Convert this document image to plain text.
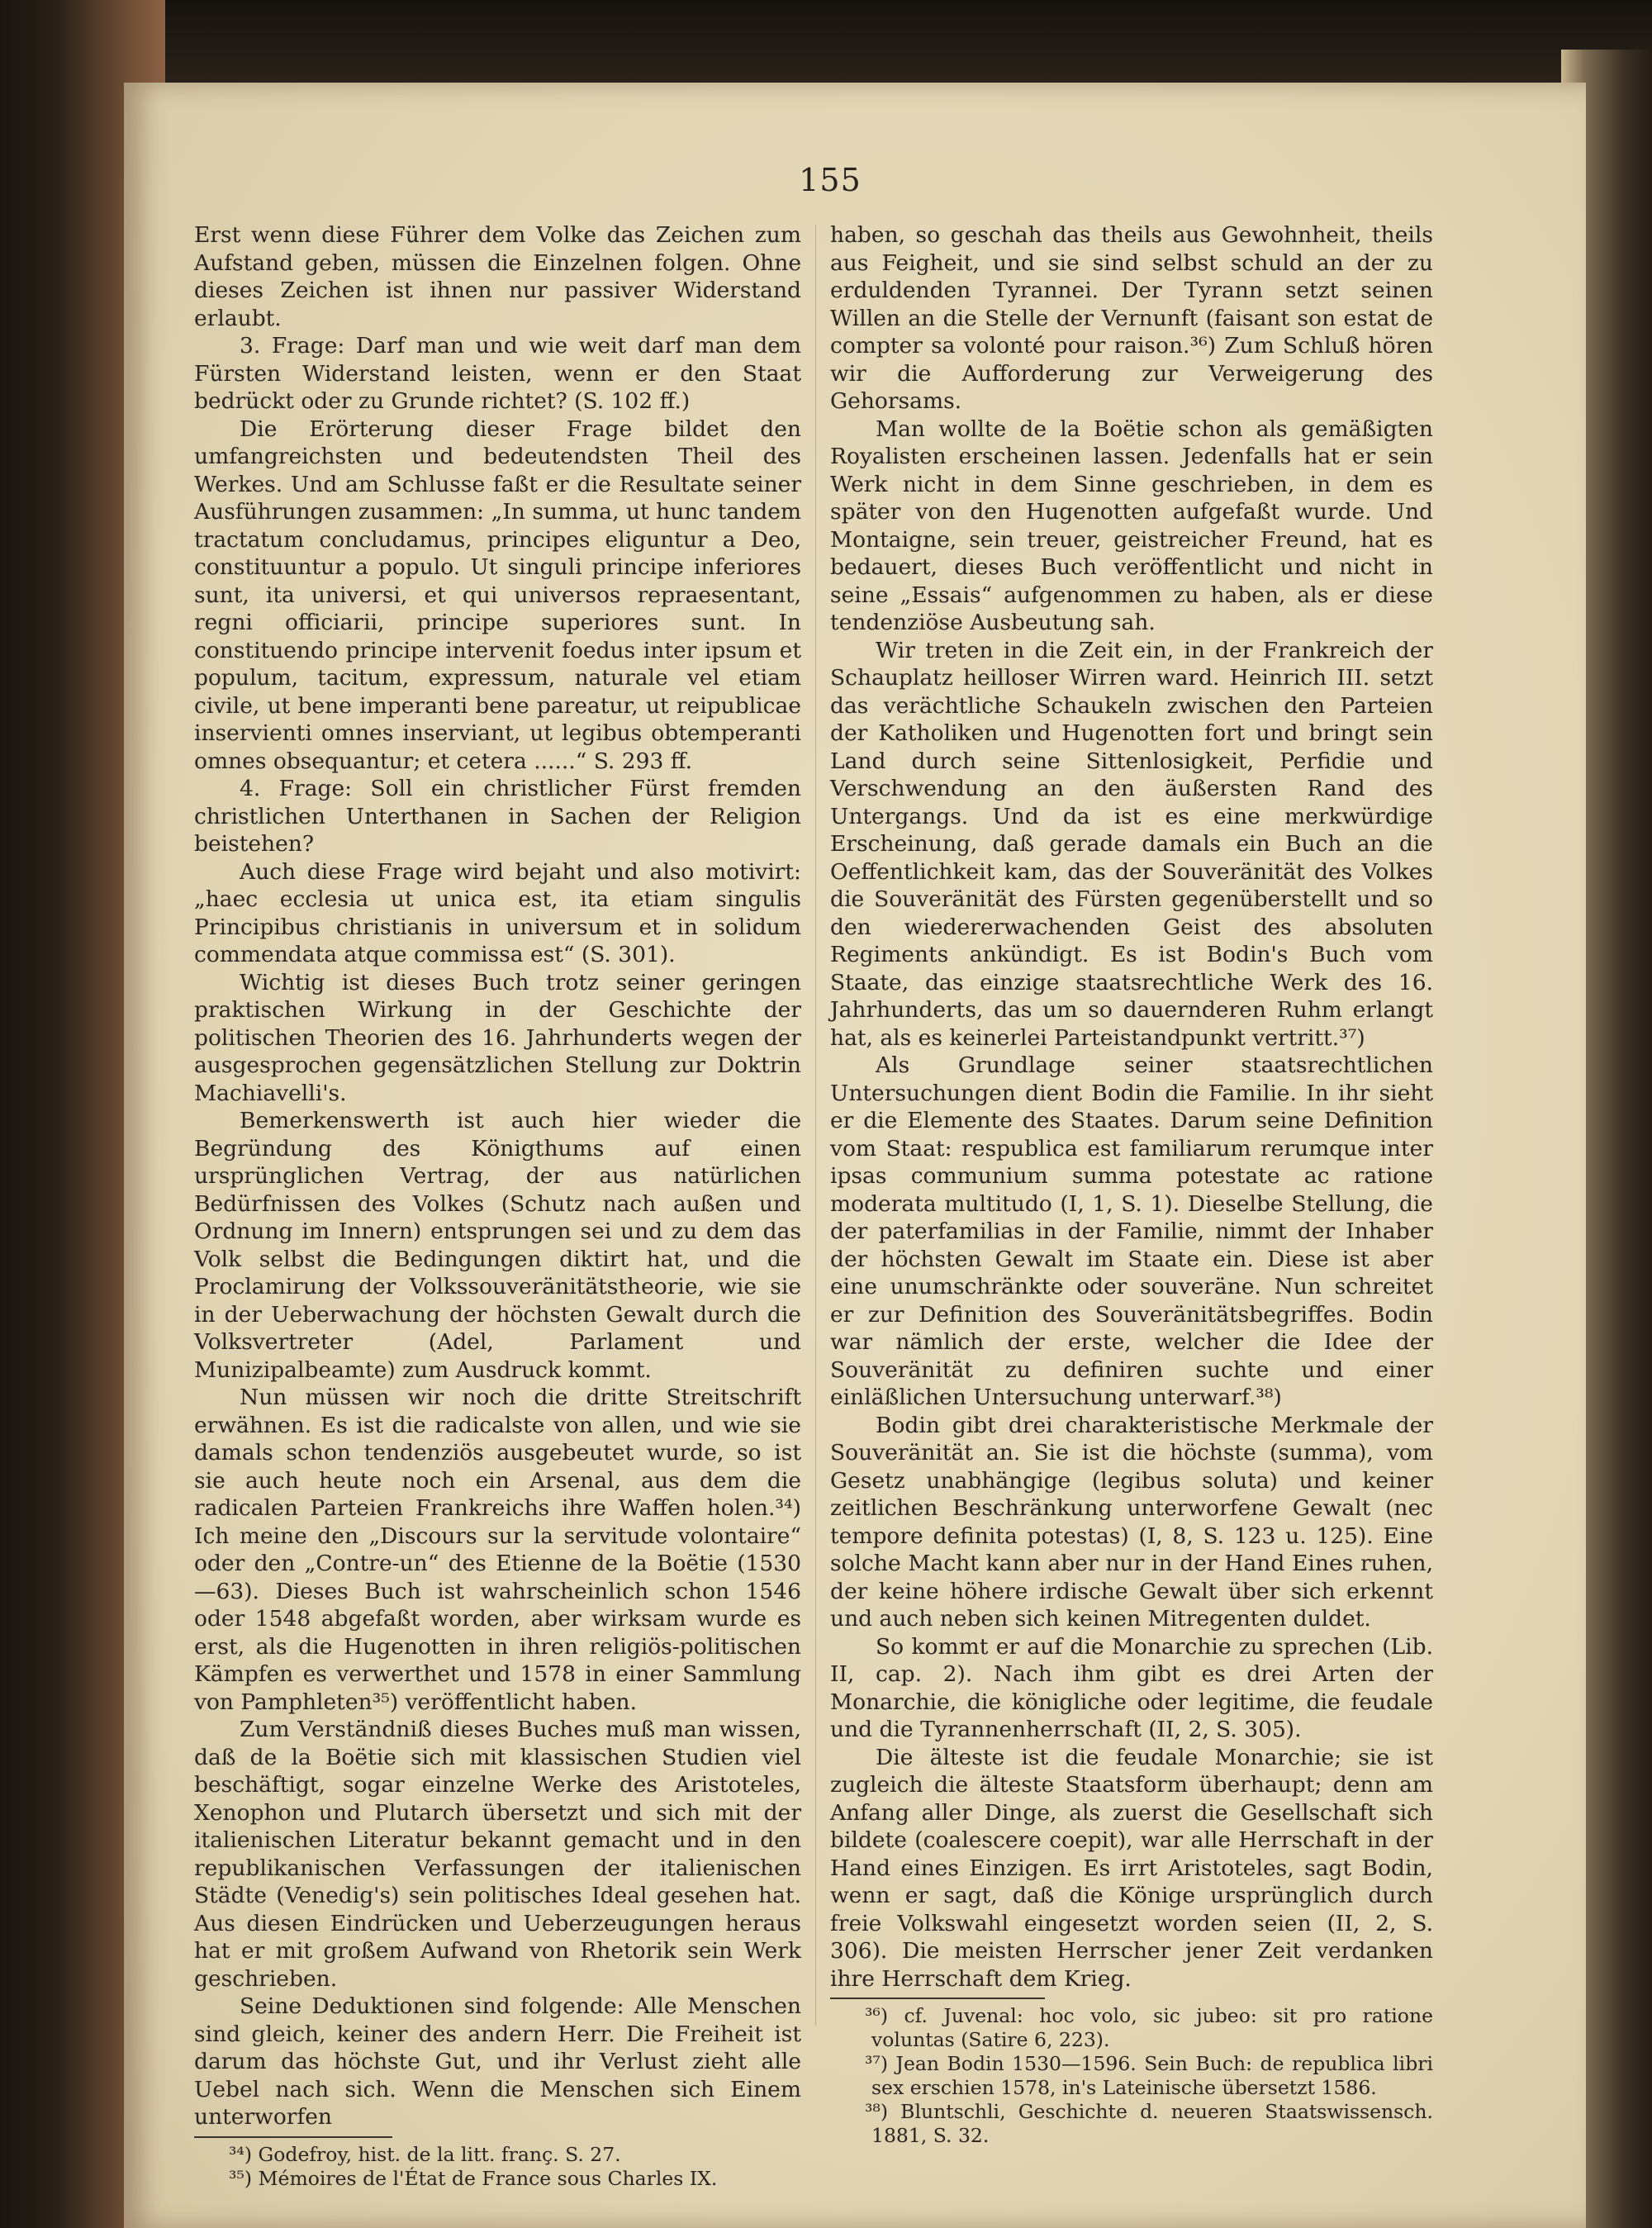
155

Erst wenn diese Führer dem Volke das Zeichen zum Aufstand geben, müssen die Einzelnen folgen. Ohne dieses Zeichen ist ihnen nur passiver Widerstand erlaubt.

3. Frage: Darf man und wie weit darf man dem Fürsten Widerstand leisten, wenn er den Staat bedrückt oder zu Grunde richtet? (S. 102 ff.)

Die Erörterung dieser Frage bildet den umfangreichsten und bedeutendsten Theil des Werkes. Und am Schlusse faßt er die Resultate seiner Ausführungen zusammen: „In summa, ut hunc tandem tractatum concludamus, principes eliguntur a Deo, constituuntur a populo. Ut singuli principe inferiores sunt, ita universi, et qui universos repraesentant, regni officiarii, principe superiores sunt. In constituendo principe intervenit foedus inter ipsum et populum, tacitum, expressum, naturale vel etiam civile, ut bene imperanti bene pareatur, ut reipublicae inservienti omnes inserviant, ut legibus obtemperanti omnes obsequantur; et cetera ......“ S. 293 ff.

4. Frage: Soll ein christlicher Fürst fremden christlichen Unterthanen in Sachen der Religion beistehen?

Auch diese Frage wird bejaht und also motivirt: „haec ecclesia ut unica est, ita etiam singulis Principibus christianis in universum et in solidum commendata atque commissa est“ (S. 301).

Wichtig ist dieses Buch trotz seiner geringen praktischen Wirkung in der Geschichte der politischen Theorien des 16. Jahrhunderts wegen der ausgesprochen gegensätzlichen Stellung zur Doktrin Machiavelli's.

Bemerkenswerth ist auch hier wieder die Begründung des Königthums auf einen ursprünglichen Vertrag, der aus natürlichen Bedürfnissen des Volkes (Schutz nach außen und Ordnung im Innern) entsprungen sei und zu dem das Volk selbst die Bedingungen diktirt hat, und die Proclamirung der Volkssouveränitätstheorie, wie sie in der Ueberwachung der höchsten Gewalt durch die Volksvertreter (Adel, Parlament und Munizipalbeamte) zum Ausdruck kommt.

Nun müssen wir noch die dritte Streitschrift erwähnen. Es ist die radicalste von allen, und wie sie damals schon tendenziös ausgebeutet wurde, so ist sie auch heute noch ein Arsenal, aus dem die radicalen Parteien Frankreichs ihre Waffen holen.³⁴) Ich meine den „Discours sur la servitude volontaire“ oder den „Contre-un“ des Etienne de la Boëtie (1530—63). Dieses Buch ist wahrscheinlich schon 1546 oder 1548 abgefaßt worden, aber wirksam wurde es erst, als die Hugenotten in ihren religiös-politischen Kämpfen es verwerthet und 1578 in einer Sammlung von Pamphleten³⁵) veröffentlicht haben.

Zum Verständniß dieses Buches muß man wissen, daß de la Boëtie sich mit klassischen Studien viel beschäftigt, sogar einzelne Werke des Aristoteles, Xenophon und Plutarch übersetzt und sich mit der italienischen Literatur bekannt gemacht und in den republikanischen Verfassungen der italienischen Städte (Venedig's) sein politisches Ideal gesehen hat. Aus diesen Eindrücken und Ueberzeugungen heraus hat er mit großem Aufwand von Rhetorik sein Werk geschrieben.

Seine Deduktionen sind folgende: Alle Menschen sind gleich, keiner des andern Herr. Die Freiheit ist darum das höchste Gut, und ihr Verlust zieht alle Uebel nach sich. Wenn die Menschen sich Einem unterworfen

³⁴) Godefroy, hist. de la litt. franç. S. 27.

³⁵) Mémoires de l'État de France sous Charles IX.

haben, so geschah das theils aus Gewohnheit, theils aus Feigheit, und sie sind selbst schuld an der zu erduldenden Tyrannei. Der Tyrann setzt seinen Willen an die Stelle der Vernunft (faisant son estat de compter sa volonté pour raison.³⁶) Zum Schluß hören wir die Aufforderung zur Verweigerung des Gehorsams.

Man wollte de la Boëtie schon als gemäßigten Royalisten erscheinen lassen. Jedenfalls hat er sein Werk nicht in dem Sinne geschrieben, in dem es später von den Hugenotten aufgefaßt wurde. Und Montaigne, sein treuer, geistreicher Freund, hat es bedauert, dieses Buch veröffentlicht und nicht in seine „Essais“ aufgenommen zu haben, als er diese tendenziöse Ausbeutung sah.

Wir treten in die Zeit ein, in der Frankreich der Schauplatz heilloser Wirren ward. Heinrich III. setzt das verächtliche Schaukeln zwischen den Parteien der Katholiken und Hugenotten fort und bringt sein Land durch seine Sittenlosigkeit, Perfidie und Verschwendung an den äußersten Rand des Untergangs. Und da ist es eine merkwürdige Erscheinung, daß gerade damals ein Buch an die Oeffentlichkeit kam, das der Souveränität des Volkes die Souveränität des Fürsten gegenüberstellt und so den wiedererwachenden Geist des absoluten Regiments ankündigt. Es ist Bodin's Buch vom Staate, das einzige staatsrechtliche Werk des 16. Jahrhunderts, das um so dauernderen Ruhm erlangt hat, als es keinerlei Parteistandpunkt vertritt.³⁷)

Als Grundlage seiner staatsrechtlichen Untersuchungen dient Bodin die Familie. In ihr sieht er die Elemente des Staates. Darum seine Definition vom Staat: respublica est familiarum rerumque inter ipsas communium summa potestate ac ratione moderata multitudo (I, 1, S. 1). Dieselbe Stellung, die der paterfamilias in der Familie, nimmt der Inhaber der höchsten Gewalt im Staate ein. Diese ist aber eine unumschränkte oder souveräne. Nun schreitet er zur Definition des Souveränitätsbegriffes. Bodin war nämlich der erste, welcher die Idee der Souveränität zu definiren suchte und einer einläßlichen Untersuchung unterwarf.³⁸)

Bodin gibt drei charakteristische Merkmale der Souveränität an. Sie ist die höchste (summa), vom Gesetz unabhängige (legibus soluta) und keiner zeitlichen Beschränkung unterworfene Gewalt (nec tempore definita potestas) (I, 8, S. 123 u. 125). Eine solche Macht kann aber nur in der Hand Eines ruhen, der keine höhere irdische Gewalt über sich erkennt und auch neben sich keinen Mitregenten duldet.

So kommt er auf die Monarchie zu sprechen (Lib. II, cap. 2). Nach ihm gibt es drei Arten der Monarchie, die königliche oder legitime, die feudale und die Tyrannenherrschaft (II, 2, S. 305).

Die älteste ist die feudale Monarchie; sie ist zugleich die älteste Staatsform überhaupt; denn am Anfang aller Dinge, als zuerst die Gesellschaft sich bildete (coalescere coepit), war alle Herrschaft in der Hand eines Einzigen. Es irrt Aristoteles, sagt Bodin, wenn er sagt, daß die Könige ursprünglich durch freie Volkswahl eingesetzt worden seien (II, 2, S. 306). Die meisten Herrscher jener Zeit verdanken ihre Herrschaft dem Krieg.

³⁶) cf. Juvenal: hoc volo, sic jubeo: sit pro ratione voluntas (Satire 6, 223).

³⁷) Jean Bodin 1530—1596. Sein Buch: de republica libri sex erschien 1578, in's Lateinische übersetzt 1586.

³⁸) Bluntschli, Geschichte d. neueren Staatswissensch. 1881, S. 32.
